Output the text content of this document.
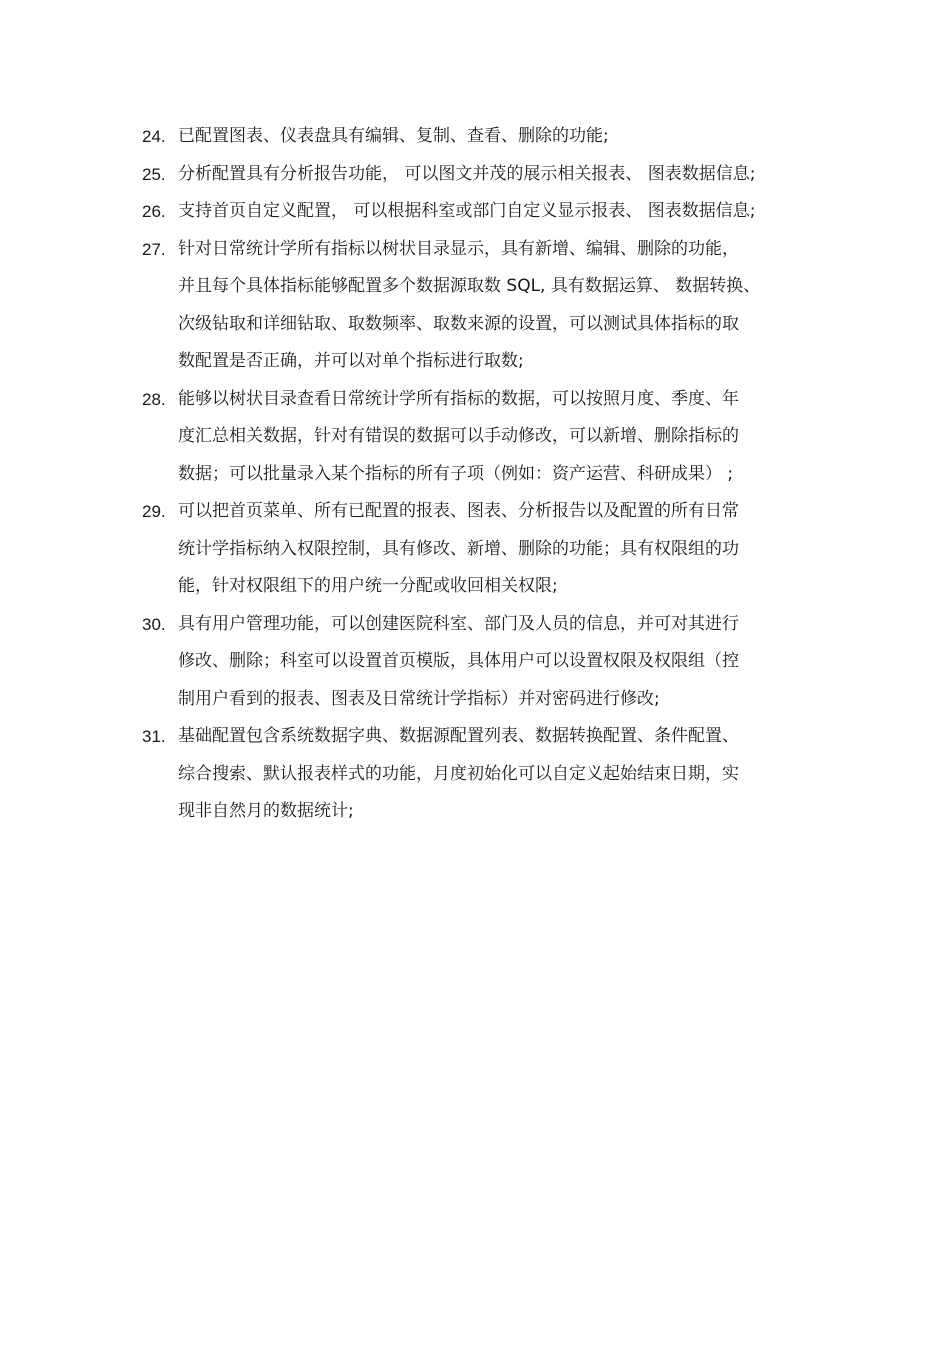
24. 已配置图表、仪表盘具有编辑、复制、查看、删除的功能;
25. 分析配置具有分析报告功能， 可以图文并茂的展示相关报表、 图表数据信息;
26. 支持首页自定义配置， 可以根据科室或部门自定义显示报表、 图表数据信息;
27. 针对日常统计学所有指标以树状目录显示，具有新增、编辑、删除的功能，
并且每个具体指标能够配置多个数据源取数 SQL, 具有数据运算、 数据转换、
次级钻取和详细钻取、取数频率、取数来源的设置，可以测试具体指标的取
数配置是否正确，并可以对单个指标进行取数;
28. 能够以树状目录查看日常统计学所有指标的数据，可以按照月度、季度、年
度汇总相关数据，针对有错误的数据可以手动修改，可以新增、删除指标的
数据；可以批量录入某个指标的所有子项（例如：资产运营、科研成果） ;
29. 可以把首页菜单、所有已配置的报表、图表、分析报告以及配置的所有日常
统计学指标纳入权限控制，具有修改、新增、删除的功能；具有权限组的功
能，针对权限组下的用户统一分配或收回相关权限;
30. 具有用户管理功能，可以创建医院科室、部门及人员的信息，并可对其进行
修改、删除；科室可以设置首页模版，具体用户可以设置权限及权限组（控
制用户看到的报表、图表及日常统计学指标）并对密码进行修改;
31. 基础配置包含系统数据字典、数据源配置列表、数据转换配置、条件配置、
综合搜索、默认报表样式的功能，月度初始化可以自定义起始结束日期，实
现非自然月的数据统计;
